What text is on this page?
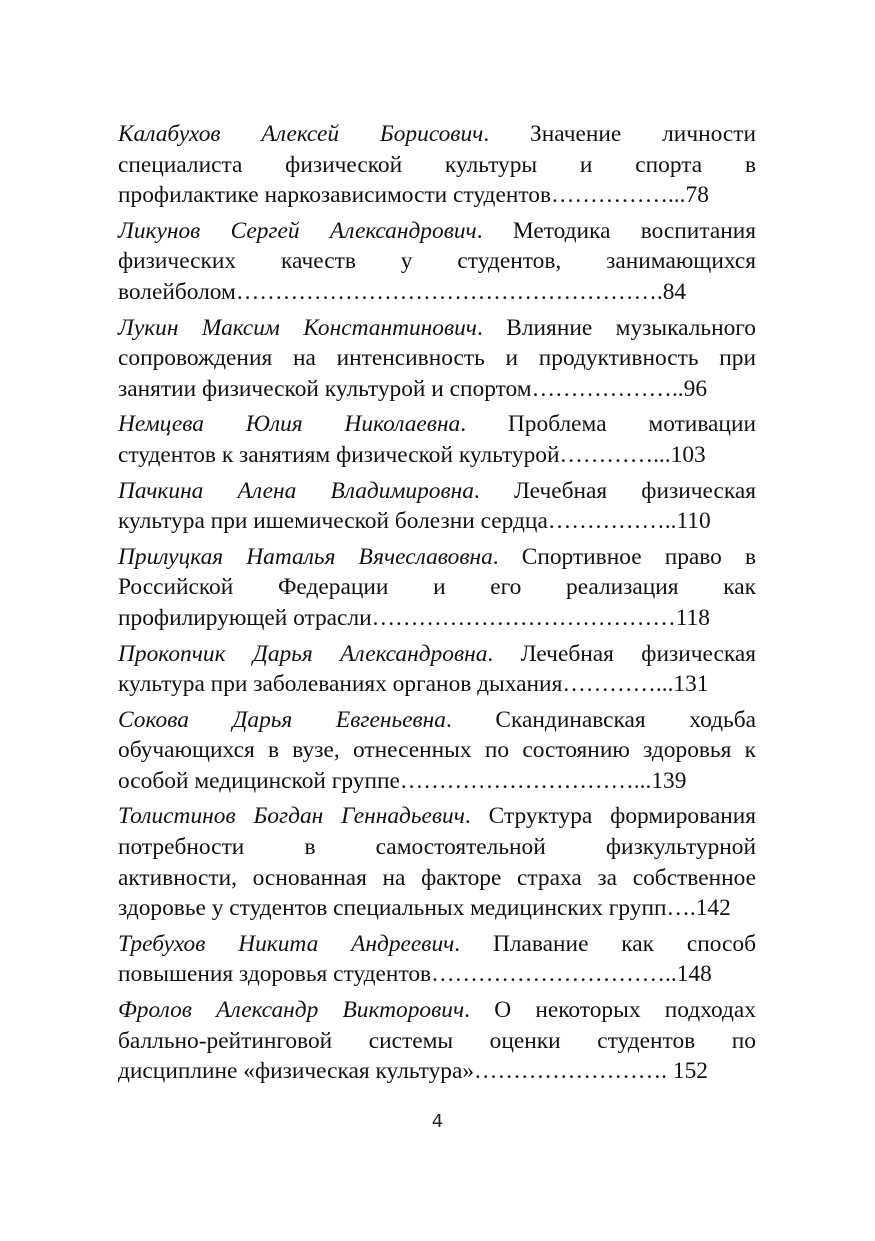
Калабухов Алексей Борисович. Значение личности
специалиста физической культуры и спорта в
профилактике наркозависимости студентов……………...78
Ликунов Сергей Александрович. Методика воспитания
физических качеств у студентов, занимающихся
волейболом……………………………………………….84
Лукин Максим Константинович. Влияние музыкального
сопровождения на интенсивность и продуктивность при
занятии физической культурой и спортом………………..96
Немцева Юлия Николаевна. Проблема мотивации
студентов к занятиям физической культурой…………...103
Пачкина Алена Владимировна. Лечебная физическая
культура при ишемической болезни сердца……………..110
Прилуцкая Наталья Вячеславовна. Спортивное право в
Российской Федерации и его реализация как
профилирующей отрасли…………………………………118
Прокопчик Дарья Александровна. Лечебная физическая
культура при заболеваниях органов дыхания…………...131
Сокова Дарья Евгеньевна. Скандинавская ходьба
обучающихся в вузе, отнесенных по состоянию здоровья к
особой медицинской группе…………………………...139
Толистинов Богдан Геннадьевич. Структура формирования
потребности в самостоятельной физкультурной
активности, основанная на факторе страха за собственное
здоровье у студентов специальных медицинских групп….142
Требухов Никита Андреевич. Плавание как способ
повышения здоровья студентов…………………………..148
Фролов Александр Викторович. О некоторых подходах
балльно-рейтинговой системы оценки студентов по
дисциплине «физическая культура»……………………. 152
4
